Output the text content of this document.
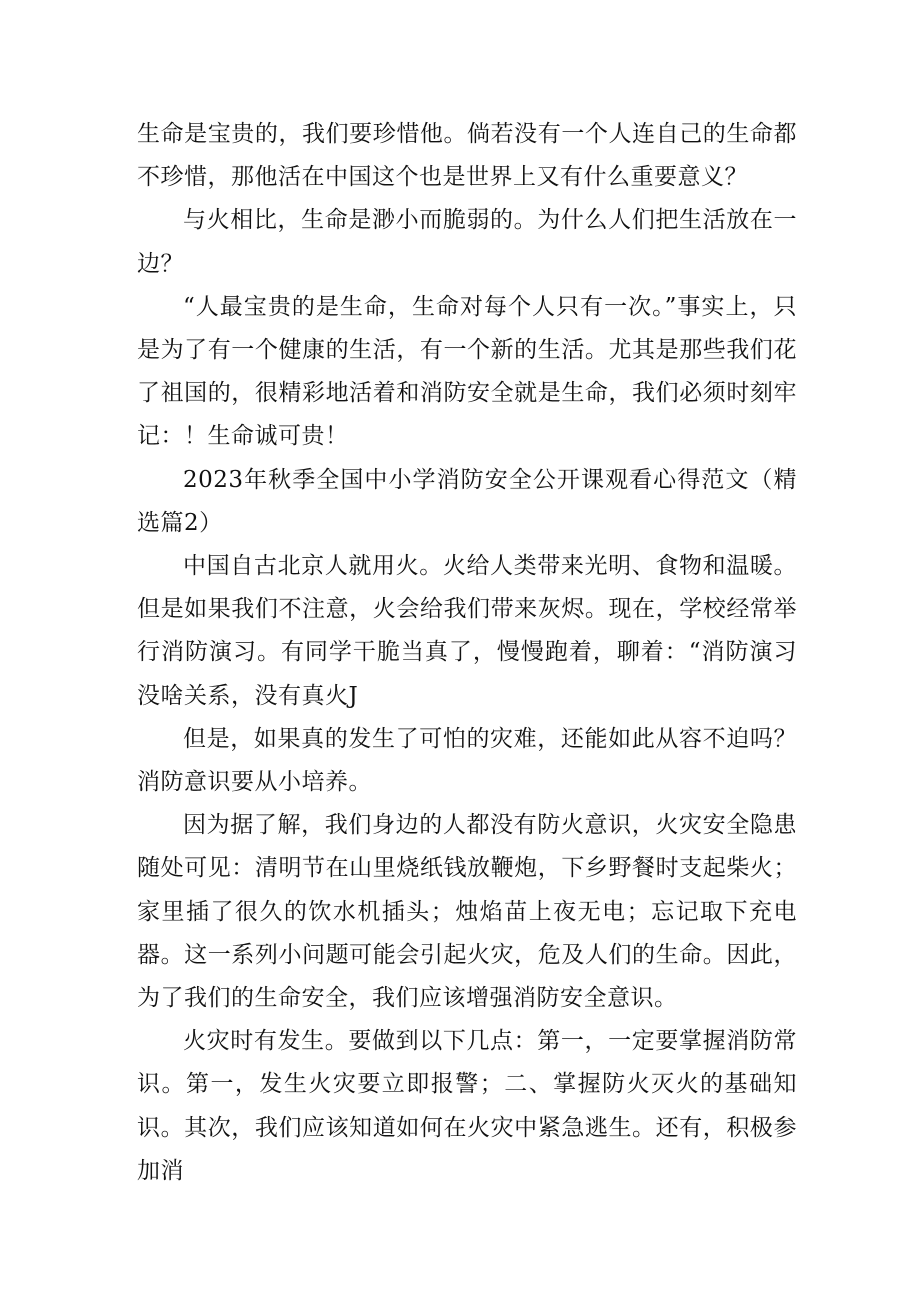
生命是宝贵的，我们要珍惜他。倘若没有一个人连自己的生命都不珍惜，那他活在中国这个也是世界上又有什么重要意义？

与火相比，生命是渺小而脆弱的。为什么人们把生活放在一边？

“人最宝贵的是生命，生命对每个人只有一次。”事实上，只是为了有一个健康的生活，有一个新的生活。尤其是那些我们花了祖国的，很精彩地活着和消防安全就是生命，我们必须时刻牢记：！生命诚可贵！

2023年秋季全国中小学消防安全公开课观看心得范文（精选篇2）

中国自古北京人就用火。火给人类带来光明、食物和温暖。但是如果我们不注意，火会给我们带来灰烬。现在，学校经常举行消防演习。有同学干脆当真了，慢慢跑着，聊着：“消防演习没啥关系，没有真火J

但是，如果真的发生了可怕的灾难，还能如此从容不迫吗？消防意识要从小培养。

因为据了解，我们身边的人都没有防火意识，火灾安全隐患随处可见：清明节在山里烧纸钱放鞭炮，下乡野餐时支起柴火；家里插了很久的饮水机插头；烛焰苗上夜无电；忘记取下充电器。这一系列小问题可能会引起火灾，危及人们的生命。因此，为了我们的生命安全，我们应该增强消防安全意识。

火灾时有发生。要做到以下几点：第一，一定要掌握消防常识。第一，发生火灾要立即报警；二、掌握防火灭火的基础知识。其次，我们应该知道如何在火灾中紧急逃生。还有，积极参加消
